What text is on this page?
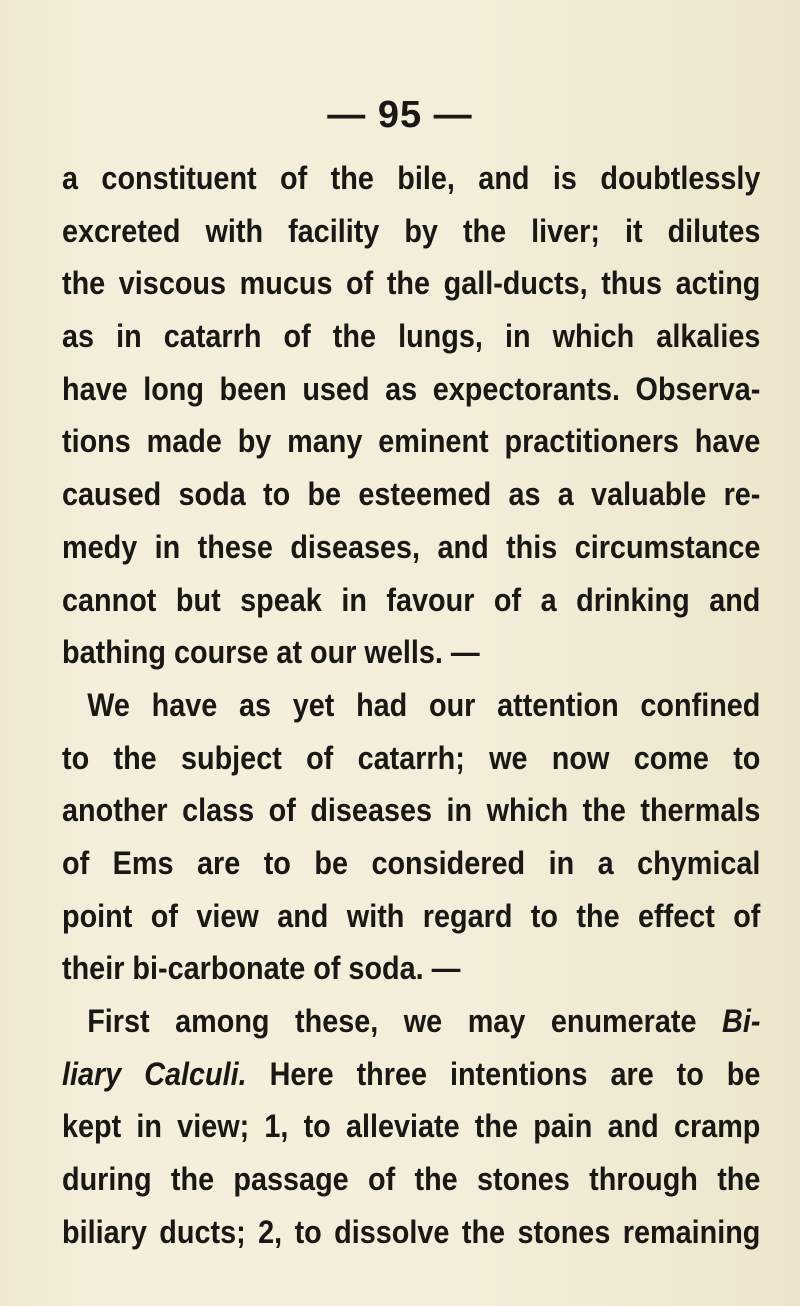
— 95 —

a constituent of the bile, and is doubtlessly
excreted with facility by the liver; it dilutes
the viscous mucus of the gall-ducts, thus acting
as in catarrh of the lungs, in which alkalies
have long been used as expectorants. Observa-
tions made by many eminent practitioners have
caused soda to be esteemed as a valuable re-
medy in these diseases, and this circumstance
cannot but speak in favour of a drinking and
bathing course at our wells. —
We have as yet had our attention confined
to the subject of catarrh; we now come to
another class of diseases in which the thermals
of Ems are to be considered in a chymical
point of view and with regard to the effect of
their bi-carbonate of soda. —
First among these, we may enumerate Bi-
liary Calculi. Here three intentions are to be
kept in view; 1, to alleviate the pain and cramp
during the passage of the stones through the
biliary ducts; 2, to dissolve the stones remaining
